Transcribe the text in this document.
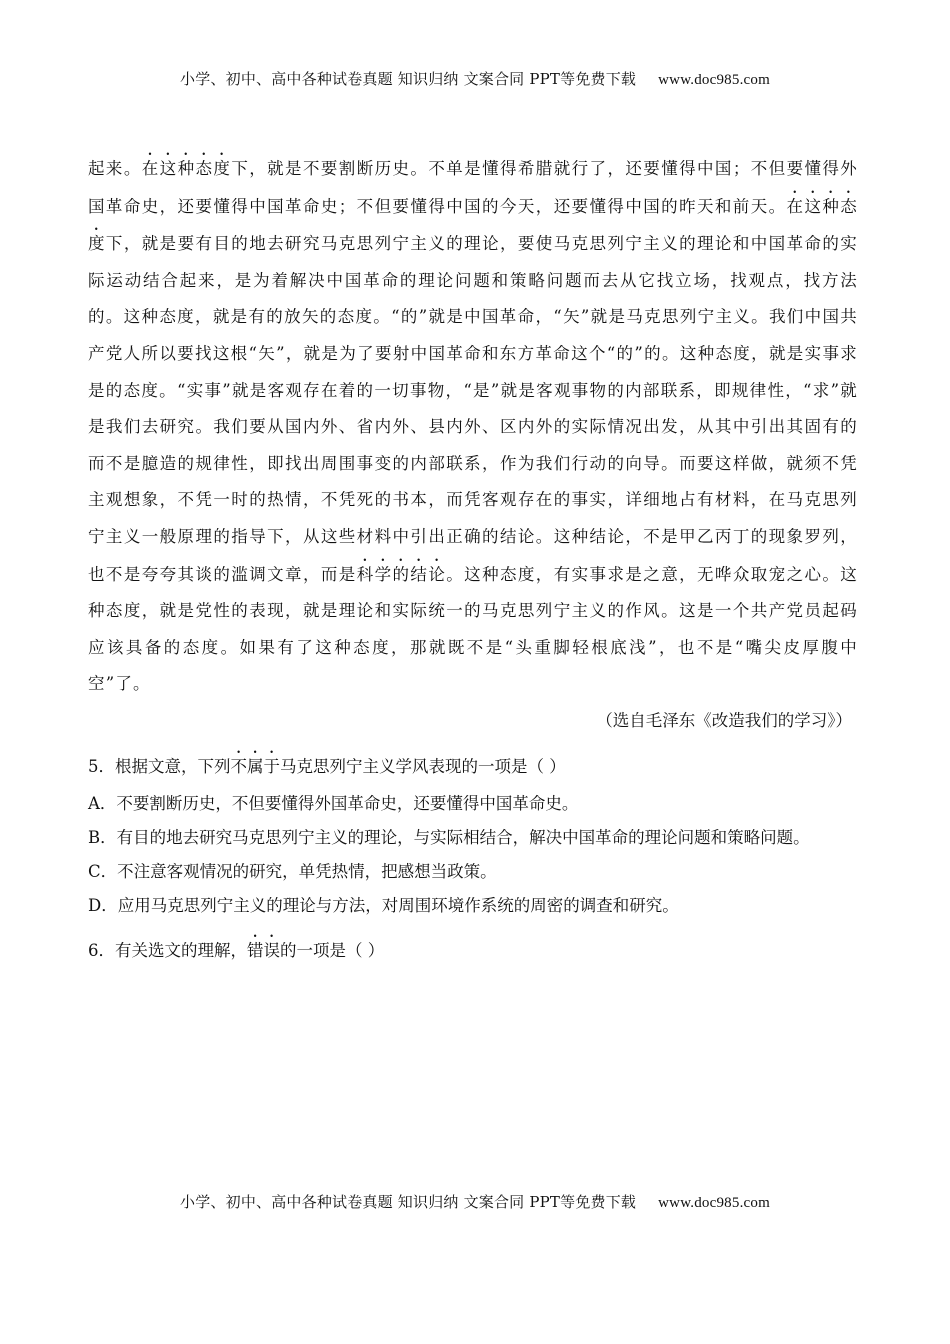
小学、初中、高中各种试卷真题 知识归纳 文案合同 PPT等免费下载 www.doc985.com

起来。在这种态度下，就是不要割断历史。不单是懂得希腊就行了，还要懂得中国；不但要懂得外国革命史，还要懂得中国革命史；不但要懂得中国的今天，还要懂得中国的昨天和前天。在这种态度下，就是要有目的地去研究马克思列宁主义的理论，要使马克思列宁主义的理论和中国革命的实际运动结合起来，是为着解决中国革命的理论问题和策略问题而去从它找立场，找观点，找方法的。这种态度，就是有的放矢的态度。“的”就是中国革命，“矢”就是马克思列宁主义。我们中国共产党人所以要找这根“矢”，就是为了要射中国革命和东方革命这个“的”的。这种态度，就是实事求是的态度。“实事”就是客观存在着的一切事物，“是”就是客观事物的内部联系，即规律性，“求”就是我们去研究。我们要从国内外、省内外、县内外、区内外的实际情况出发，从其中引出其固有的而不是臆造的规律性，即找出周围事变的内部联系，作为我们行动的向导。而要这样做，就须不凭主观想象，不凭一时的热情，不凭死的书本，而凭客观存在的事实，详细地占有材料，在马克思列宁主义一般原理的指导下，从这些材料中引出正确的结论。这种结论，不是甲乙丙丁的现象罗列，也不是夸夸其谈的滥调文章，而是科学的结论。这种态度，有实事求是之意，无哗众取宠之心。这种态度，就是党性的表现，就是理论和实际统一的马克思列宁主义的作风。这是一个共产党员起码应该具备的态度。如果有了这种态度，那就既不是“头重脚轻根底浅”，也不是“嘴尖皮厚腹中空”了。

（选自毛泽东《改造我们的学习》）
5．根据文意，下列不属于马克思列宁主义学风表现的一项是（ ）
A．不要割断历史，不但要懂得外国革命史，还要懂得中国革命史。
B．有目的地去研究马克思列宁主义的理论，与实际相结合，解决中国革命的理论问题和策略问题。
C．不注意客观情况的研究，单凭热情，把感想当政策。
D．应用马克思列宁主义的理论与方法，对周围环境作系统的周密的调查和研究。
6．有关选文的理解，错误的一项是（ ）
小学、初中、高中各种试卷真题 知识归纳 文案合同 PPT等免费下载 www.doc985.com
